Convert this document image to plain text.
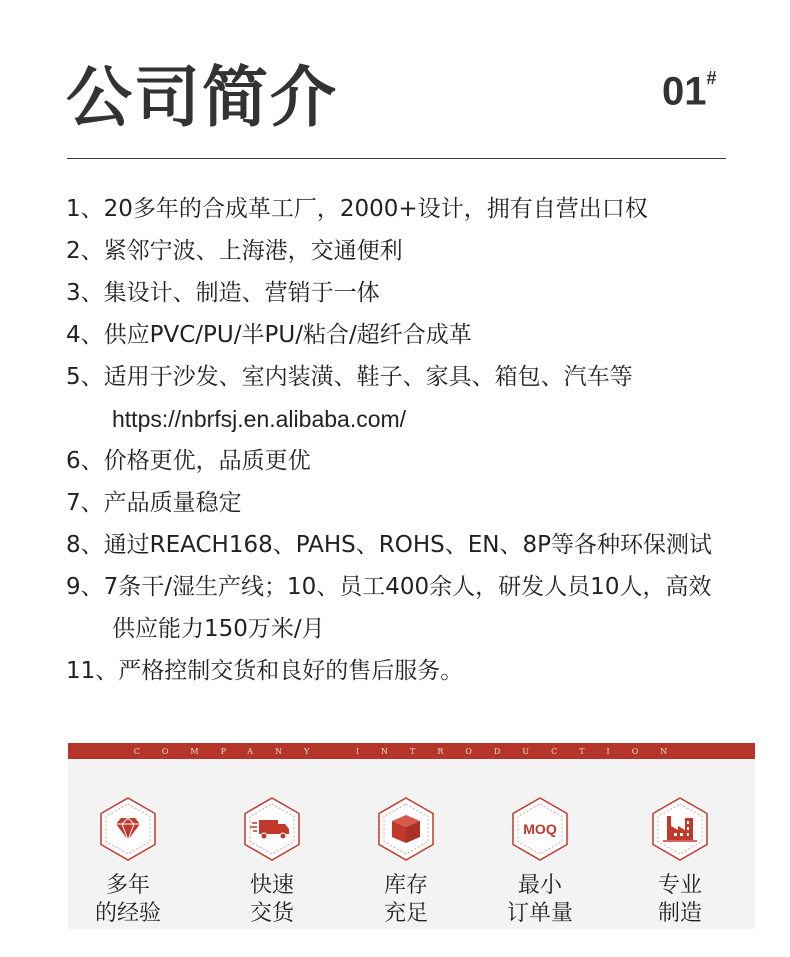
公司简介	01#
1、20多年的合成革工厂，2000+设计，拥有自营出口权
2、紧邻宁波、上海港，交通便利
3、集设计、制造、营销于一体
4、供应PVC/PU/半PU/粘合/超纤合成革
5、适用于沙发、室内装潢、鞋子、家具、箱包、汽车等
https://nbrfsj.en.alibaba.com/
6、价格更优，品质更优
7、产品质量稳定
8、通过REACH168、PAHS、ROHS、EN、8P等各种环保测试
9、7条干/湿生产线；10、员工400余人，研发人员10人，高效
供应能力150万米/月
11、严格控制交货和良好的售后服务。
COMPANY INTRODUCTION
多年
的经验
快速
交货
库存
充足
MOQ
最小
订单量
专业
制造
